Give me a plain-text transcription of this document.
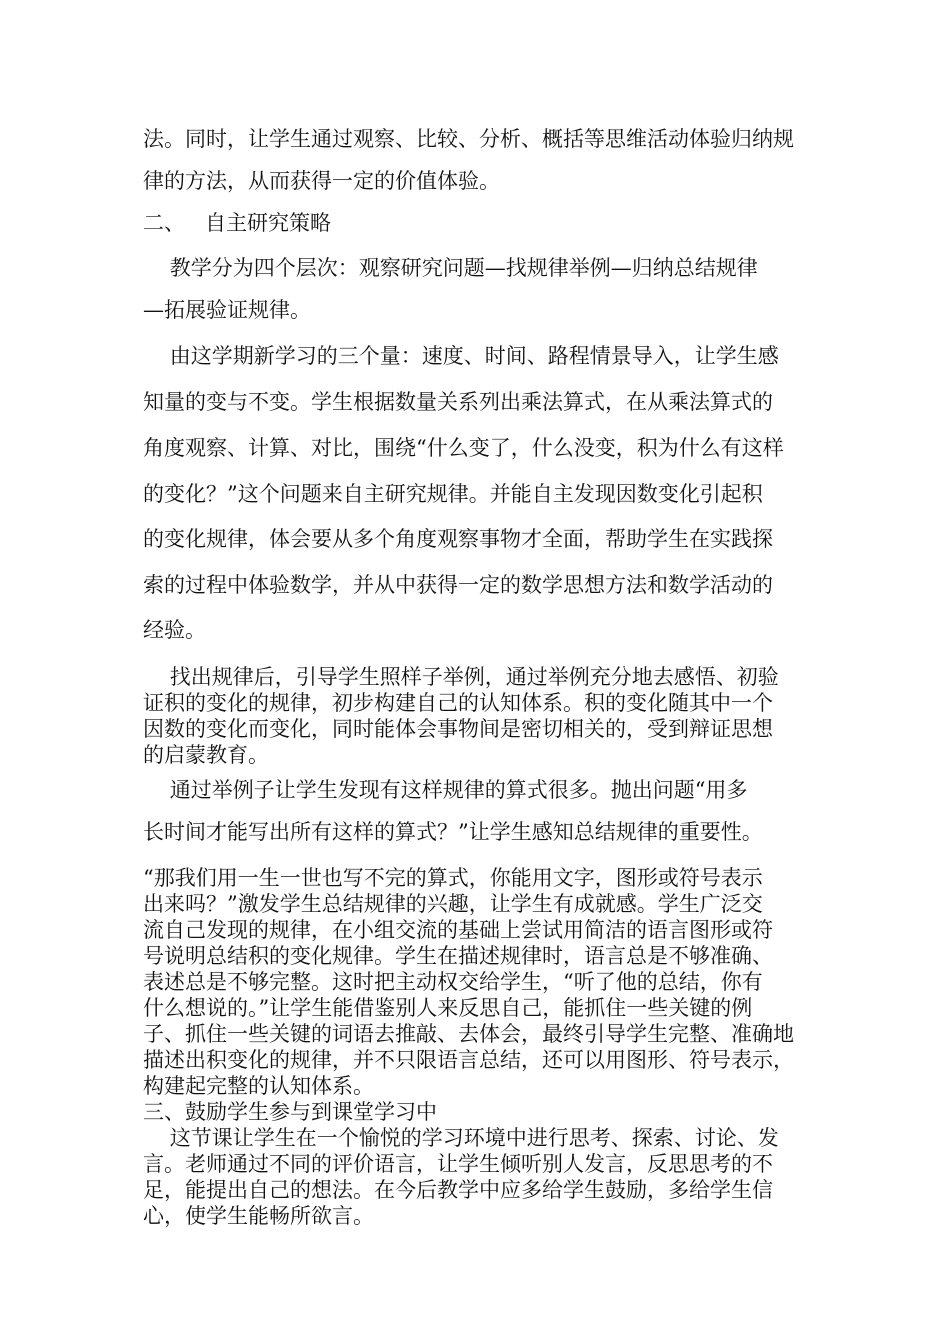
法。同时，让学生通过观察、比较、分析、概括等思维活动体验归纳规
律的方法，从而获得一定的价值体验。
二、   自主研究策略
教学分为四个层次：观察研究问题—找规律举例—归纳总结规律
—拓展验证规律。
由这学期新学习的三个量：速度、时间、路程情景导入，让学生感
知量的变与不变。学生根据数量关系列出乘法算式，在从乘法算式的
角度观察、计算、对比，围绕“什么变了，什么没变，积为什么有这样
的变化？”这个问题来自主研究规律。并能自主发现因数变化引起积
的变化规律，体会要从多个角度观察事物才全面，帮助学生在实践探
索的过程中体验数学，并从中获得一定的数学思想方法和数学活动的
经验。
找出规律后，引导学生照样子举例，通过举例充分地去感悟、初验
证积的变化的规律，初步构建自己的认知体系。积的变化随其中一个
因数的变化而变化，同时能体会事物间是密切相关的，受到辩证思想
的启蒙教育。
通过举例子让学生发现有这样规律的算式很多。抛出问题“用多
长时间才能写出所有这样的算式？”让学生感知总结规律的重要性。
“那我们用一生一世也写不完的算式，你能用文字，图形或符号表示
出来吗？”激发学生总结规律的兴趣，让学生有成就感。学生广泛交
流自己发现的规律，在小组交流的基础上尝试用简洁的语言图形或符
号说明总结积的变化规律。学生在描述规律时，语言总是不够准确、
表述总是不够完整。这时把主动权交给学生，“听了他的总结，你有
什么想说的。”让学生能借鉴别人来反思自己，能抓住一些关键的例
子、抓住一些关键的词语去推敲、去体会，最终引导学生完整、准确地
描述出积变化的规律，并不只限语言总结，还可以用图形、符号表示，
构建起完整的认知体系。
三、鼓励学生参与到课堂学习中
这节课让学生在一个愉悦的学习环境中进行思考、探索、讨论、发
言。老师通过不同的评价语言，让学生倾听别人发言，反思思考的不
足，能提出自己的想法。在今后教学中应多给学生鼓励，多给学生信
心，使学生能畅所欲言。
